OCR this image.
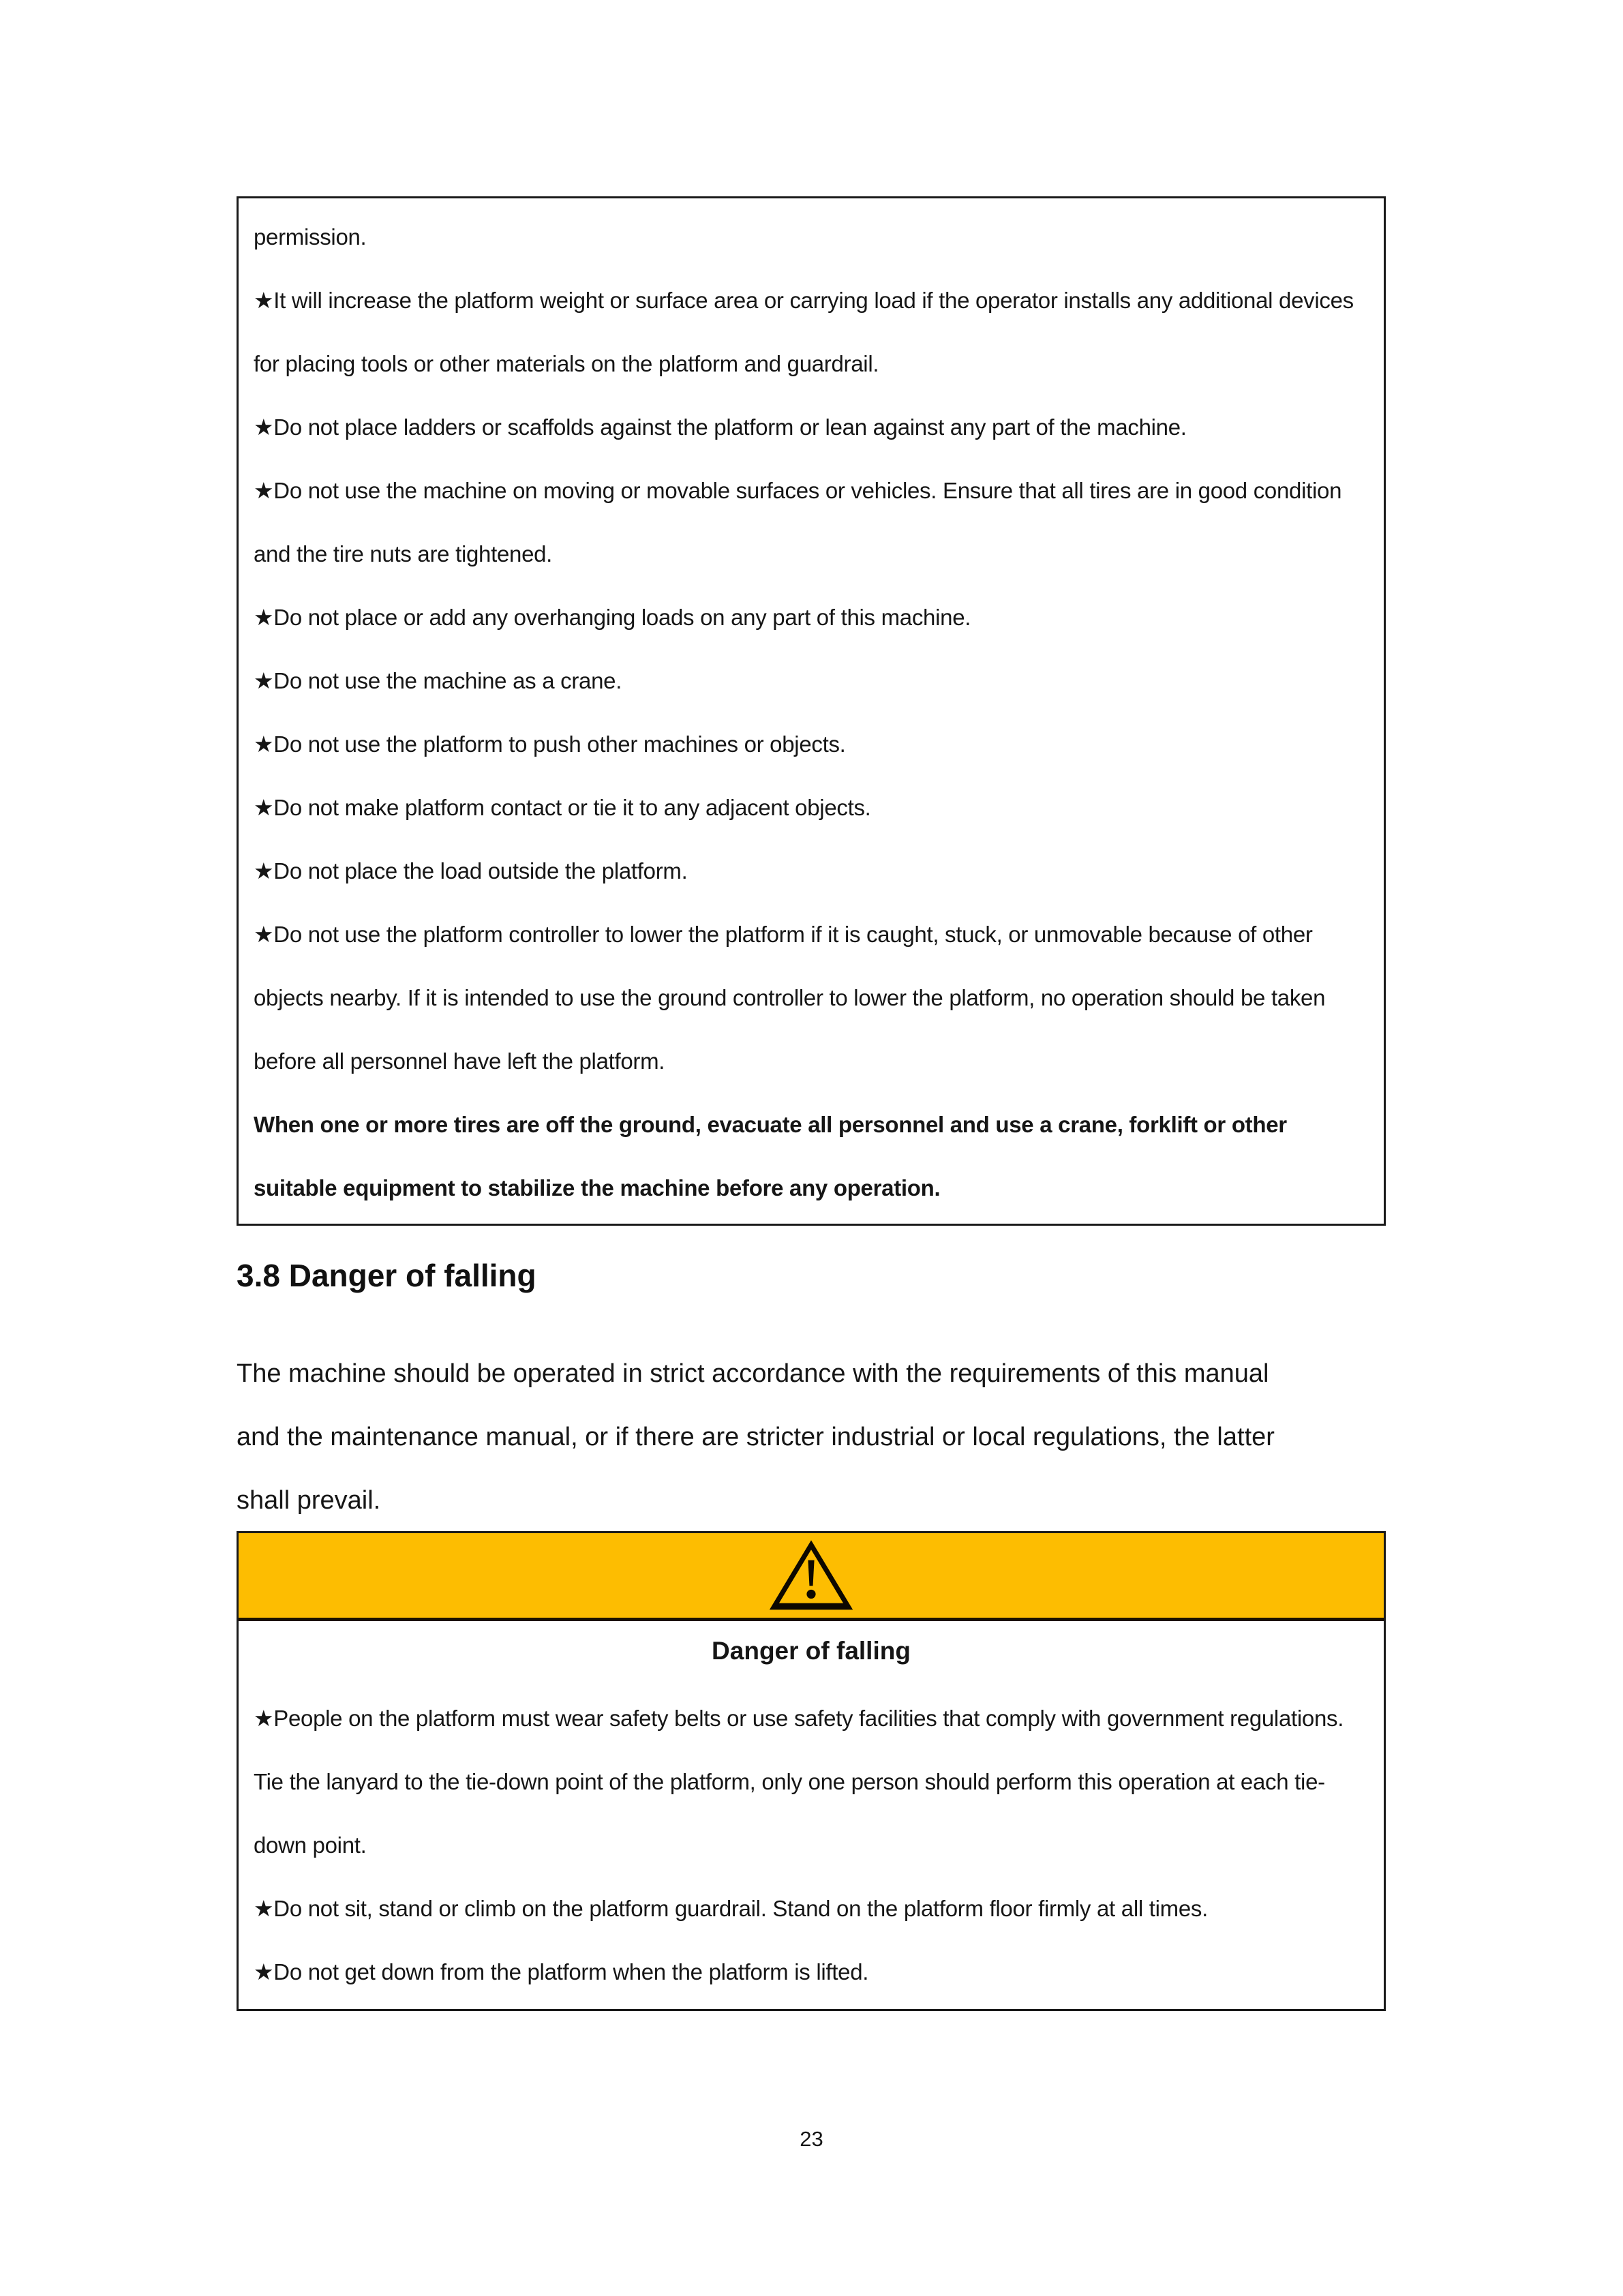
permission.

★It will increase the platform weight or surface area or carrying load if the operator installs any additional devices for placing tools or other materials on the platform and guardrail.

★Do not place ladders or scaffolds against the platform or lean against any part of the machine.

★Do not use the machine on moving or movable surfaces or vehicles. Ensure that all tires are in good condition and the tire nuts are tightened.

★Do not place or add any overhanging loads on any part of this machine.

★Do not use the machine as a crane.

★Do not use the platform to push other machines or objects.

★Do not make platform contact or tie it to any adjacent objects.

★Do not place the load outside the platform.

★Do not use the platform controller to lower the platform if it is caught, stuck, or unmovable because of other objects nearby. If it is intended to use the ground controller to lower the platform, no operation should be taken before all personnel have left the platform.

When one or more tires are off the ground, evacuate all personnel and use a crane, forklift or other suitable equipment to stabilize the machine before any operation.

3.8 Danger of falling

The machine should be operated in strict accordance with the requirements of this manual and the maintenance manual, or if there are stricter industrial or local regulations, the latter shall prevail.

Danger of falling

★People on the platform must wear safety belts or use safety facilities that comply with government regulations. Tie the lanyard to the tie-down point of the platform, only one person should perform this operation at each tie-down point.

★Do not sit, stand or climb on the platform guardrail. Stand on the platform floor firmly at all times.

★Do not get down from the platform when the platform is lifted.

23
